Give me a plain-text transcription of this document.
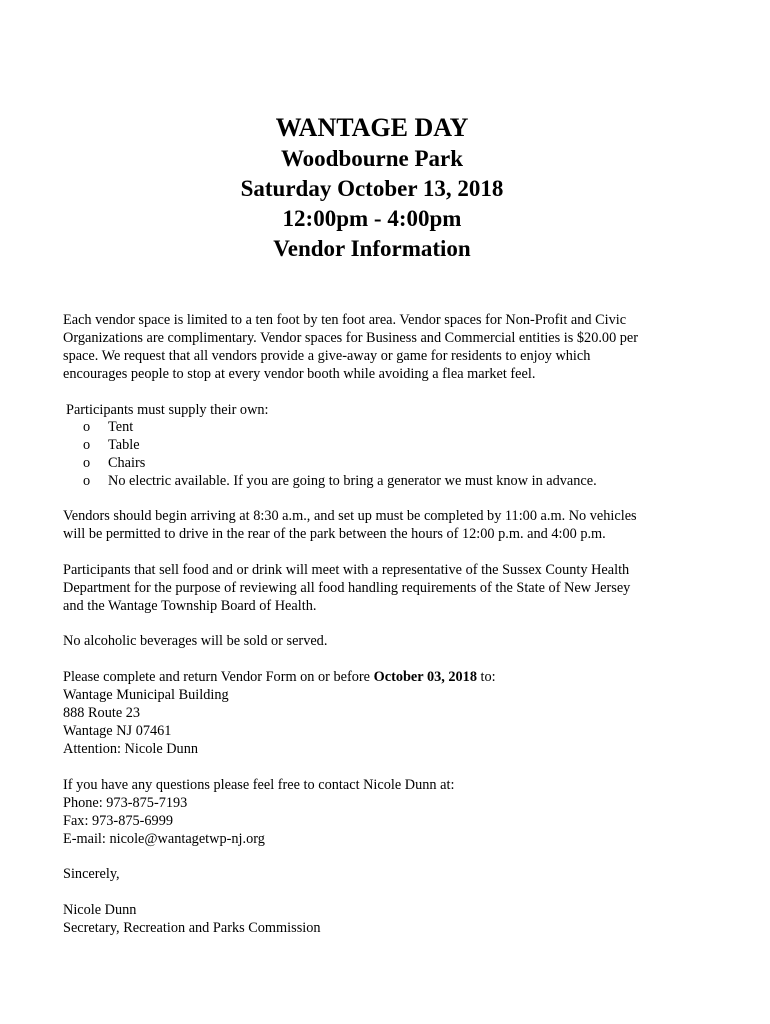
WANTAGE DAY
Woodbourne Park
Saturday October 13, 2018
12:00pm - 4:00pm
Vendor Information

Each vendor space is limited to a ten foot by ten foot area. Vendor spaces for Non-Profit and Civic
Organizations are complimentary. Vendor spaces for Business and Commercial entities is $20.00 per
space. We request that all vendors provide a give-away or game for residents to enjoy which
encourages people to stop at every vendor booth while avoiding a flea market feel.

Participants must supply their own:

o	Tent
o	Table
o	Chairs
o	No electric available. If you are going to bring a generator we must know in advance.

Vendors should begin arriving at 8:30 a.m., and set up must be completed by 11:00 a.m. No vehicles
will be permitted to drive in the rear of the park between the hours of 12:00 p.m. and 4:00 p.m.

Participants that sell food and or drink will meet with a representative of the Sussex County Health
Department for the purpose of reviewing all food handling requirements of the State of New Jersey
and the Wantage Township Board of Health.

No alcoholic beverages will be sold or served.

Please complete and return Vendor Form on or before October 03, 2018 to:
Wantage Municipal Building
888 Route 23
Wantage NJ 07461
Attention: Nicole Dunn

If you have any questions please feel free to contact Nicole Dunn at:
Phone: 973-875-7193
Fax: 973-875-6999
E-mail: nicole@wantagetwp-nj.org

Sincerely,

Nicole Dunn
Secretary, Recreation and Parks Commission
